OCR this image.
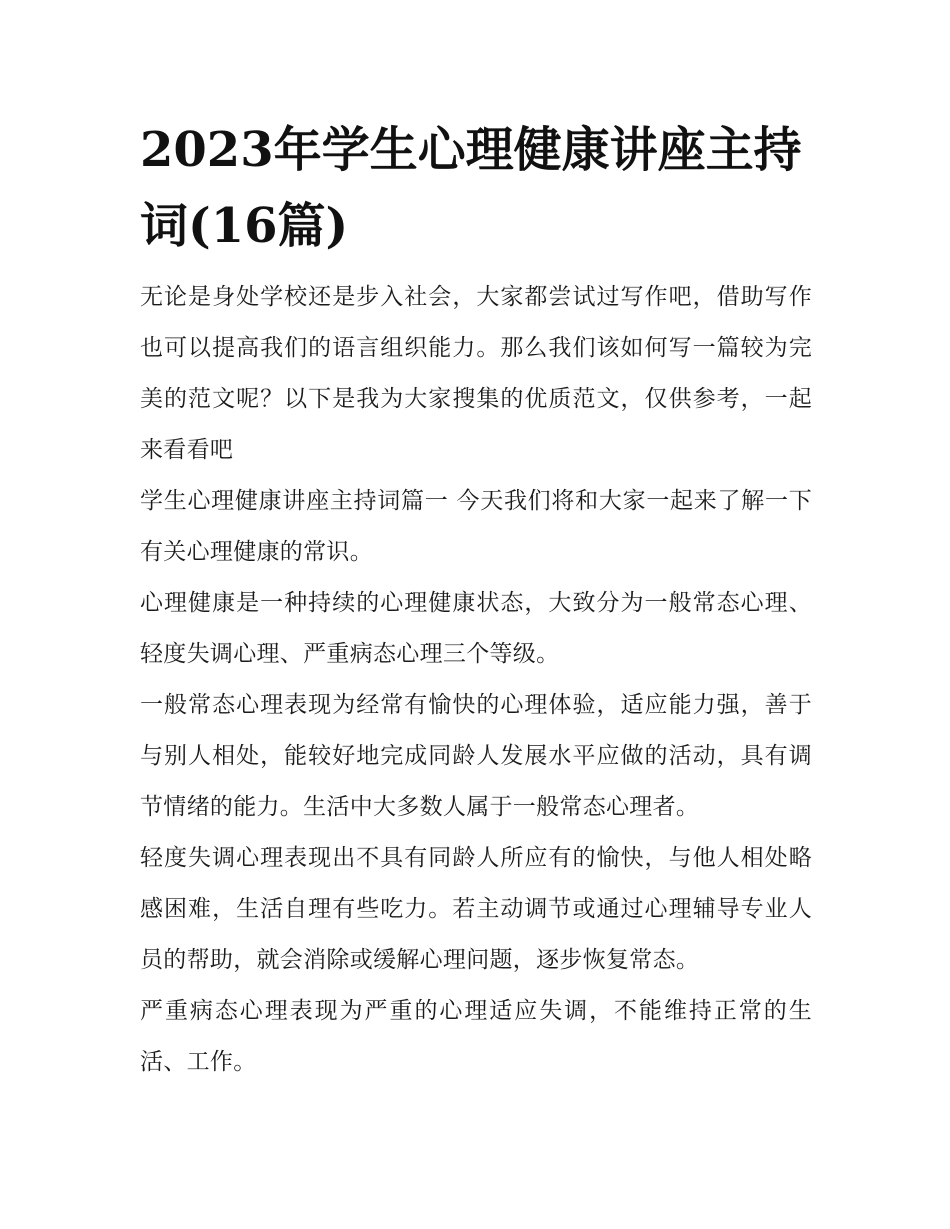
2023年学生心理健康讲座主持词(16篇)

无论是身处学校还是步入社会，大家都尝试过写作吧，借助写作也可以提高我们的语言组织能力。那么我们该如何写一篇较为完美的范文呢？以下是我为大家搜集的优质范文，仅供参考，一起来看看吧

学生心理健康讲座主持词篇一 今天我们将和大家一起来了解一下有关心理健康的常识。

心理健康是一种持续的心理健康状态，大致分为一般常态心理、轻度失调心理、严重病态心理三个等级。

一般常态心理表现为经常有愉快的心理体验，适应能力强，善于与别人相处，能较好地完成同龄人发展水平应做的活动，具有调节情绪的能力。生活中大多数人属于一般常态心理者。

轻度失调心理表现出不具有同龄人所应有的愉快，与他人相处略感困难，生活自理有些吃力。若主动调节或通过心理辅导专业人员的帮助，就会消除或缓解心理问题，逐步恢复常态。

严重病态心理表现为严重的心理适应失调，不能维持正常的生活、工作。
